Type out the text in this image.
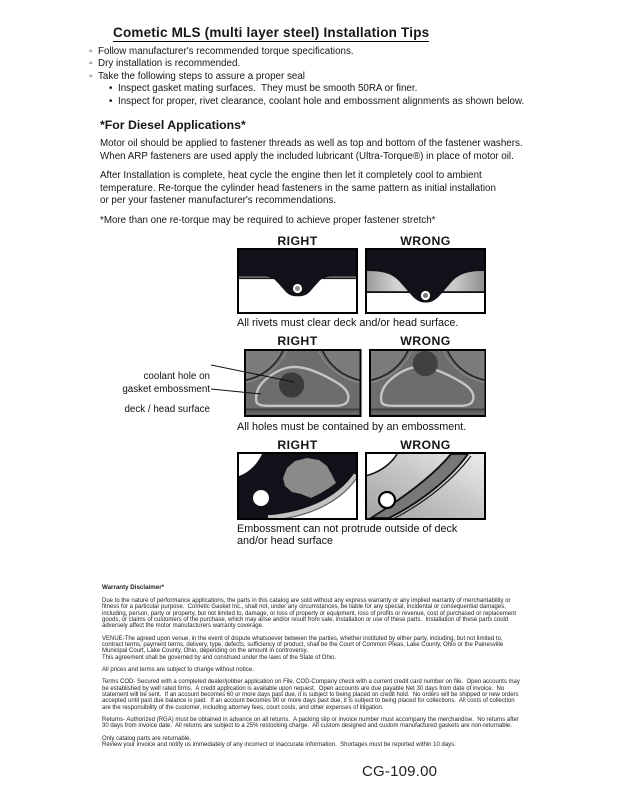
Cometic MLS (multi layer steel) Installation Tips
◦ Follow manufacturer's recommended torque specifications.
◦ Dry installation is recommended.
◦ Take the following steps to assure a proper seal
• Inspect gasket mating surfaces.  They must be smooth 50RA or finer.
• Inspect for proper, rivet clearance, coolant hole and embossment alignments as shown below.
*For Diesel Applications*
Motor oil should be applied to fastener threads as well as top and bottom of the fastener washers.
When ARP fasteners are used apply the included lubricant (Ultra-Torque®) in place of motor oil.
After Installation is complete, heat cycle the engine then let it completely cool to ambient
temperature. Re-torque the cylinder head fasteners in the same pattern as initial installation
or per your fastener manufacturer's recommendations.
*More than one re-torque may be required to achieve proper fastener stretch*
RIGHT	WRONG
All rivets must clear deck and/or head surface.
RIGHT	WRONG

coolant hole on

deck / head surface

gasket embossment
All holes must be contained by an embossment.
RIGHT	WRONG
Embossment can not protrude outside of deck
and/or head surface
Warranty Disclaimer*
Due to the nature of performance applications, the parts in this catalog are sold without any express warranty or any implied warranty of merchantability or
fitness for a particular purpose.  Cometic Gasket Inc., shall not, under any circumstances, be liable for any special, incidental or consequential damages,
including, person, party or property, but not limited to, damage, or loss of property or equipment, loss of profits or revenue, cost of purchased or replacement
goods, or claims of customers of the purchase, which may arise and/or result from sale, installation or use of these parts.  Installation of these parts could
adversely affect the motor manufacturers warranty coverage.
VENUE-The agreed upon venue, in the event of dispute whatsoever between the parties, whether instituted by either party, including, but not limited to,
contract terms, payment terms, delivery, type, defects, sufficiency of product, shall be the Court of Common Pleas, Lake County, Ohio or the Painesville
Municipal Court, Lake County, Ohio, depending on the amount in controversy.
This agreement shall be governed by and construed under the laws of the State of Ohio.
All prices and terms are subject to change without notice.
Terms COD- Secured with a completed dealer/jobber application on File, COD-Company check with a current credit card number on file.  Open accounts may
be established by well rated firms.  A credit application is available upon request.  Open accounts are due payable Net 30 days from date of invoice.  No
statement will be sent.  If an account becomes 60 or more days past due, it is subject to being placed on credit hold.  No orders will be shipped or new orders
accepted until past due balance is paid.  If an account becomes 90 or more days past due, it is subject to being placed for collections.  All costs of collection
are the responsibility of the customer, including attorney fees, court costs, and other expenses of litigation.
Returns- Authorized (RGA) must be obtained in advance on all returns.  A packing slip or invoice number must accompany the merchandise.  No returns after
30 days from invoice date.  All returns are subject to a 25% restocking charge.  All custom designed and custom manufactured gaskets are non-returnable.
Only catalog parts are returnable.
Review your invoice and notify us immediately of any incorrect or inaccurate information.  Shortages must be reported within 10 days.
CG-109.00
